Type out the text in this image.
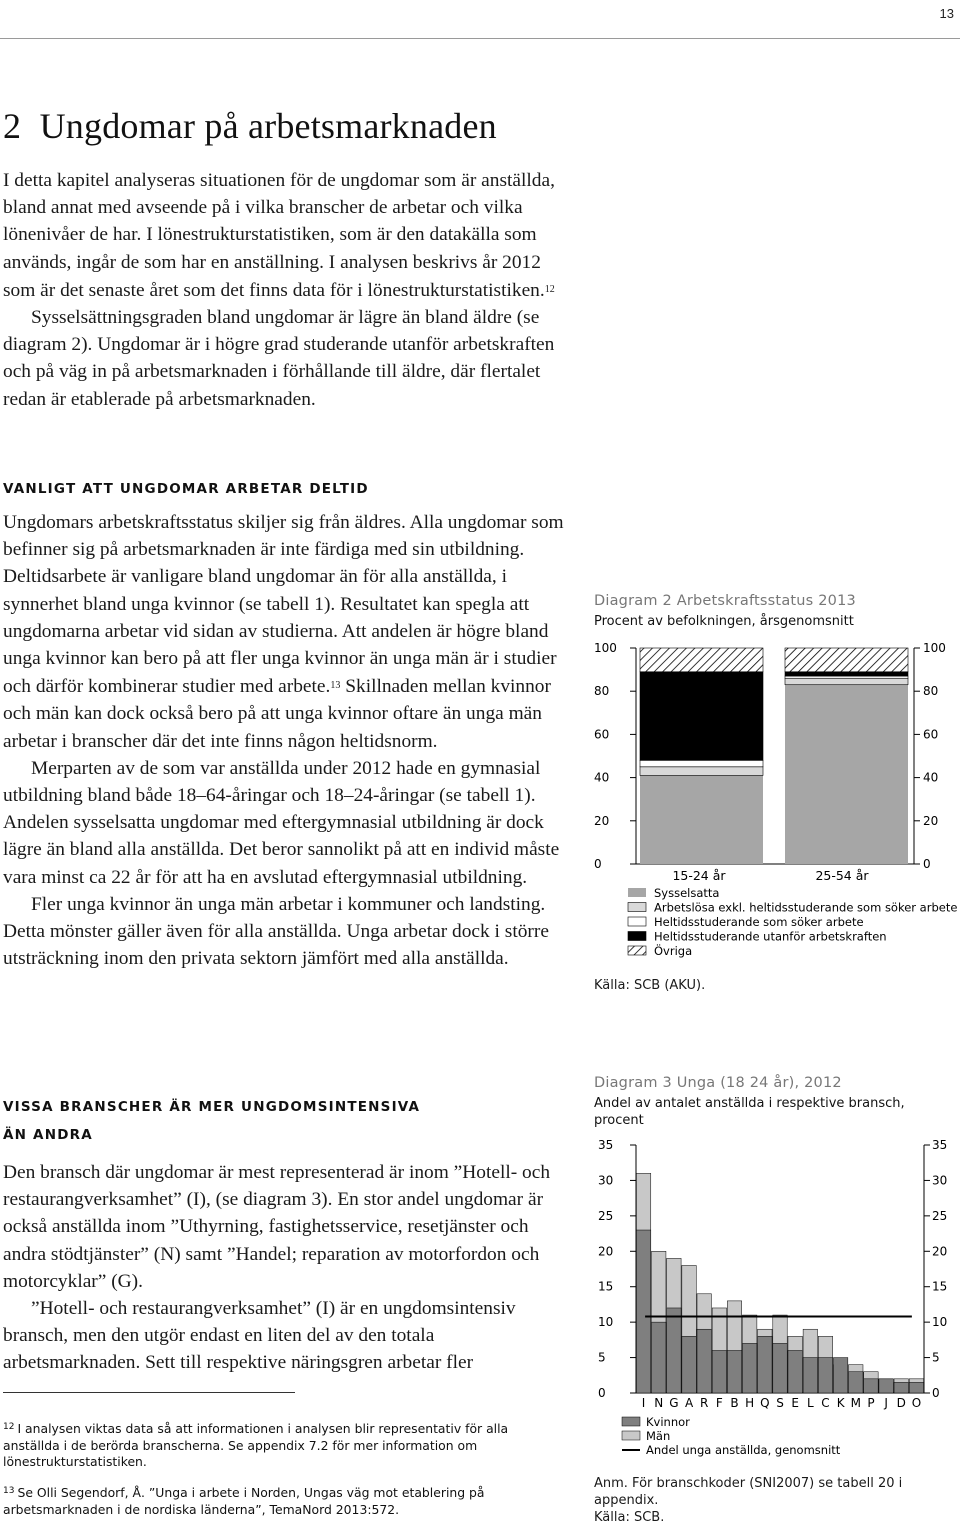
13
2 Ungdomar på arbetsmarknaden

I detta kapitel analyseras situationen för de ungdomar som är anställda, bland annat med avseende på i vilka branscher de arbetar och vilka lönenivåer de har. I lönestrukturstatistiken, som är den datakälla som används, ingår de som har en anställning. I analysen beskrivs år 2012 som är det senaste året som det finns data för i lönestrukturstatistiken.$^{12}$

Sysselsättningsgraden bland ungdomar är lägre än bland äldre (se diagram 2). Ungdomar är i högre grad studerande utanför arbetskraften och på väg in på arbetsmarknaden i förhållande till äldre, där flertalet redan är etablerade på arbetsmarknaden.

VANLIGT ATT UNGDOMAR ARBETAR DELTID

Ungdomars arbetskraftsstatus skiljer sig från äldres. Alla ungdomar som befinner sig på arbetsmarknaden är inte färdiga med sin utbildning. Deltidsarbete är vanligare bland ungdomar än för alla anställda, i synnerhet bland unga kvinnor (se tabell 1). Resultatet kan spegla att ungdomarna arbetar vid sidan av studierna. Att andelen är högre bland unga kvinnor kan bero på att fler unga kvinnor än unga män är i studier och därför kombinerar studier med arbete.$^{13}$ Skillnaden mellan kvinnor och män kan dock också bero på att unga kvinnor oftare än unga män arbetar i branscher där det inte finns någon heltidsnorm.

Merparten av de som var anställda under 2012 hade en gymnasial utbildning bland både 18–64-åringar och 18–24-åringar (se tabell 1). Andelen sysselsatta ungdomar med eftergymnasial utbildning är dock lägre än bland alla anställda. Det beror sannolikt på att en individ måste vara minst ca 22 år för att ha en avslutad eftergymnasial utbildning.

Fler unga kvinnor än unga män arbetar i kommuner och landsting. Detta mönster gäller även för alla anställda. Unga arbetar dock i större utsträckning inom den privata sektorn jämfört med alla anställda.

VISSA BRANSCHER ÄR MER UNGDOMSINTENSIVA
ÄN ANDRA

Den bransch där ungdomar är mest representerad är inom ”Hotell- och restaurangverksamhet” (I), (se diagram 3). En stor andel ungdomar är också anställda inom ”Uthyrning, fastighetsservice, resetjänster och andra stödtjänster” (N) samt ”Handel; reparation av motorfordon och motorcyklar” (G).

”Hotell- och restaurangverksamhet” (I) är en ungdomsintensiv bransch, men den utgör endast en liten del av den totala arbetsmarknaden. Sett till respektive näringsgren arbetar fler

$^{12}$ I analysen viktas data så att informationen i analysen blir representativ för alla anställda i de berörda branscherna. Se appendix 7.2 för mer information om lönestrukturstatistiken.

$^{13}$ Se Olli Segendorf, Å. ”Unga i arbete i Norden, Ungas väg mot etablering på arbetsmarknaden i de nordiska länderna”, TemaNord 2013:572.

Diagram 2 Arbetskraftsstatus 2013

Procent av befolkningen, årsgenomsnitt

0	0
20	20
40	40
60	60
80	80
100	100
15-24 år	25-54 år
Sysselsatta
Arbetslösa exkl. heltidsstuderande som söker arbete
Heltidsstuderande som söker arbete
Heltidsstuderande utanför arbetskraften
Övriga

Källa: SCB (AKU).

Diagram 3 Unga (18 24 år), 2012

Andel av antalet anställda i respektive bransch, procent

0	0
5	5
10	10
15	15
20	20
25	25
30	30
35	35
I N G A R F B H Q S E L C K M P J D O
Kvinnor
Män
Andel unga anställda, genomsnitt
Anm. För branschkoder (SNI2007) se tabell 20 i appendix.
Källa: SCB.
